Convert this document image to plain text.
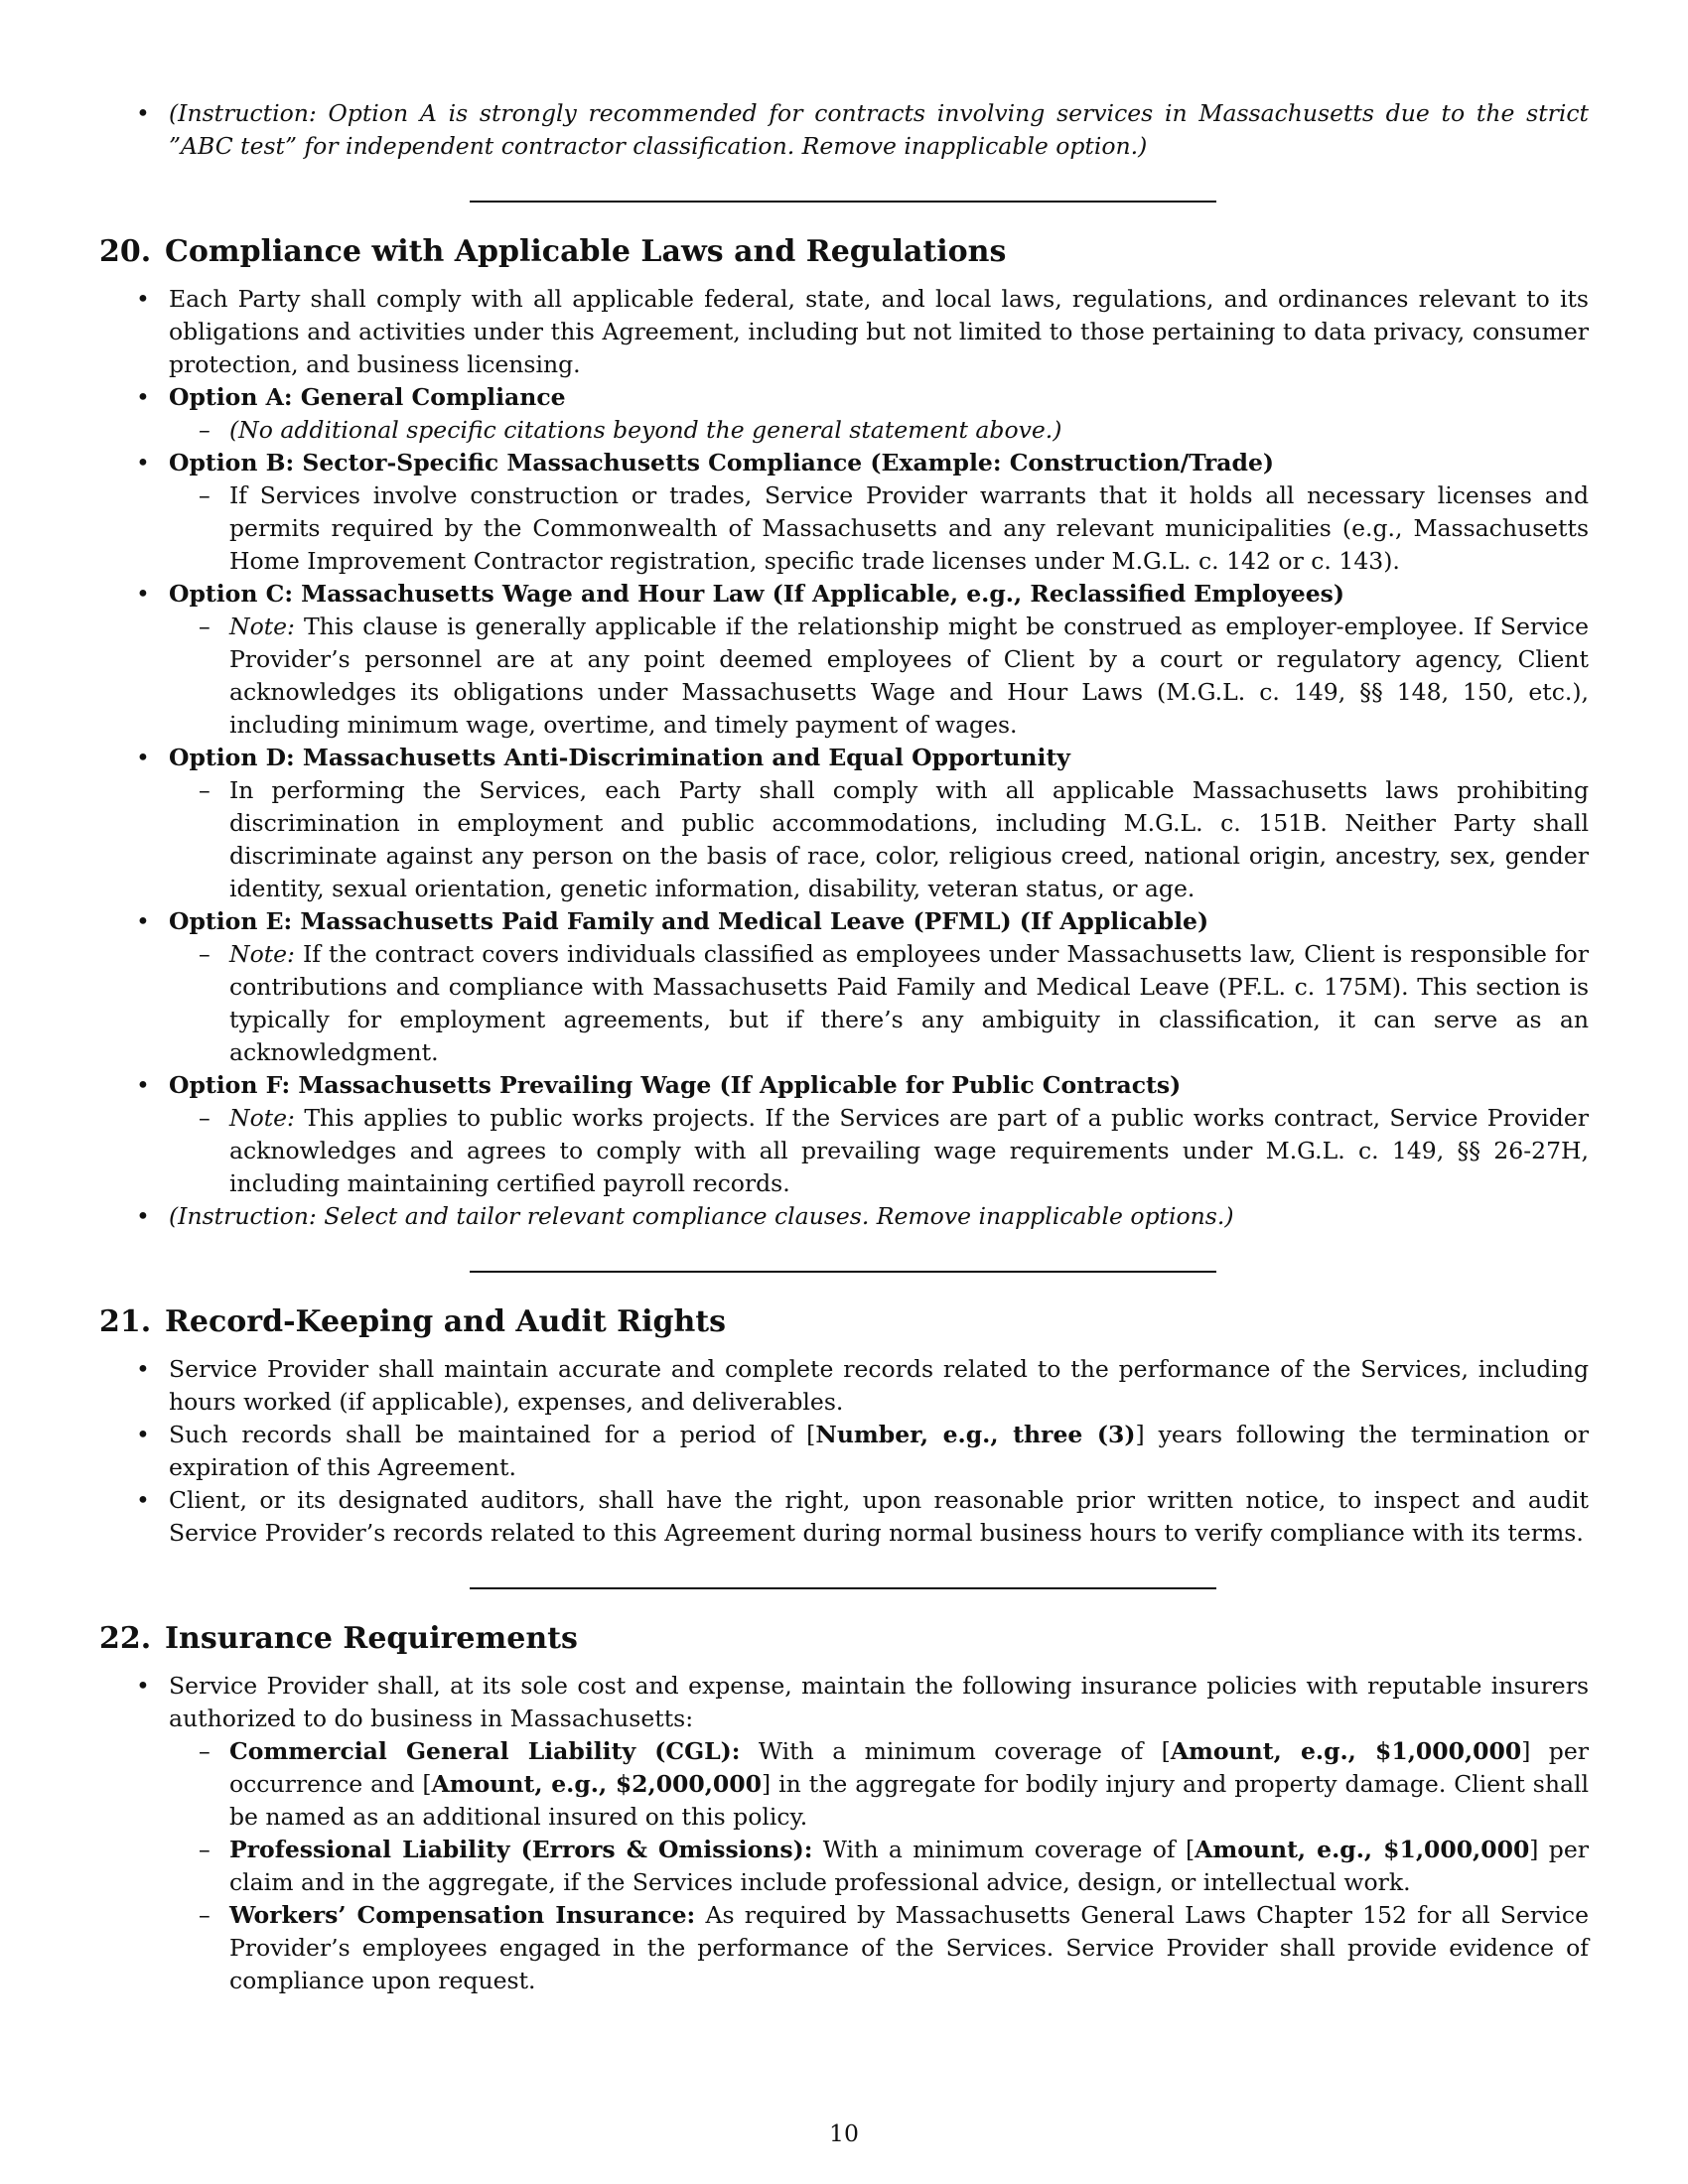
• (Instruction: Option A is strongly recommended for contracts involving services in Massachusetts due to the strict ”ABC test” for independent contractor classification. Remove inapplicable option.)
20. Compliance with Applicable Laws and Regulations
• Each Party shall comply with all applicable federal, state, and local laws, regulations, and ordinances relevant to its obligations and activities under this Agreement, including but not limited to those pertaining to data privacy, consumer protection, and business licensing.
• Option A: General Compliance
– (No additional specific citations beyond the general statement above.)
• Option B: Sector-Specific Massachusetts Compliance (Example: Construction/Trade)
– If Services involve construction or trades, Service Provider warrants that it holds all necessary licenses and permits required by the Commonwealth of Massachusetts and any relevant municipalities (e.g., Massachusetts Home Improvement Contractor registration, specific trade licenses under M.G.L. c. 142 or c. 143).
• Option C: Massachusetts Wage and Hour Law (If Applicable, e.g., Reclassified Employees)
– Note: This clause is generally applicable if the relationship might be construed as employer-employee. If Service Provider’s personnel are at any point deemed employees of Client by a court or regulatory agency, Client acknowledges its obligations under Massachusetts Wage and Hour Laws (M.G.L. c. 149, §§ 148, 150, etc.), including minimum wage, overtime, and timely payment of wages.
• Option D: Massachusetts Anti-Discrimination and Equal Opportunity
– In performing the Services, each Party shall comply with all applicable Massachusetts laws prohibiting discrimination in employment and public accommodations, including M.G.L. c. 151B. Neither Party shall discriminate against any person on the basis of race, color, religious creed, national origin, ancestry, sex, gender identity, sexual orientation, genetic information, disability, veteran status, or age.
• Option E: Massachusetts Paid Family and Medical Leave (PFML) (If Applicable)
– Note: If the contract covers individuals classified as employees under Massachusetts law, Client is responsible for contributions and compliance with Massachusetts Paid Family and Medical Leave (PF.L. c. 175M). This section is typically for employment agreements, but if there’s any ambiguity in classification, it can serve as an acknowledgment.
• Option F: Massachusetts Prevailing Wage (If Applicable for Public Contracts)
– Note: This applies to public works projects. If the Services are part of a public works contract, Service Provider acknowledges and agrees to comply with all prevailing wage requirements under M.G.L. c. 149, §§ 26-27H, including maintaining certified payroll records.
• (Instruction: Select and tailor relevant compliance clauses. Remove inapplicable options.)
21. Record-Keeping and Audit Rights
• Service Provider shall maintain accurate and complete records related to the performance of the Services, including hours worked (if applicable), expenses, and deliverables.
• Such records shall be maintained for a period of [Number, e.g., three (3)] years following the termination or expiration of this Agreement.
• Client, or its designated auditors, shall have the right, upon reasonable prior written notice, to inspect and audit Service Provider’s records related to this Agreement during normal business hours to verify compliance with its terms.
22. Insurance Requirements
• Service Provider shall, at its sole cost and expense, maintain the following insurance policies with reputable insurers authorized to do business in Massachusetts:
– Commercial General Liability (CGL): With a minimum coverage of [Amount, e.g., $1,000,000] per occurrence and [Amount, e.g., $2,000,000] in the aggregate for bodily injury and property damage. Client shall be named as an additional insured on this policy.
– Professional Liability (Errors & Omissions): With a minimum coverage of [Amount, e.g., $1,000,000] per claim and in the aggregate, if the Services include professional advice, design, or intellectual work.
– Workers’ Compensation Insurance: As required by Massachusetts General Laws Chapter 152 for all Service Provider’s employees engaged in the performance of the Services. Service Provider shall provide evidence of compliance upon request.
10
